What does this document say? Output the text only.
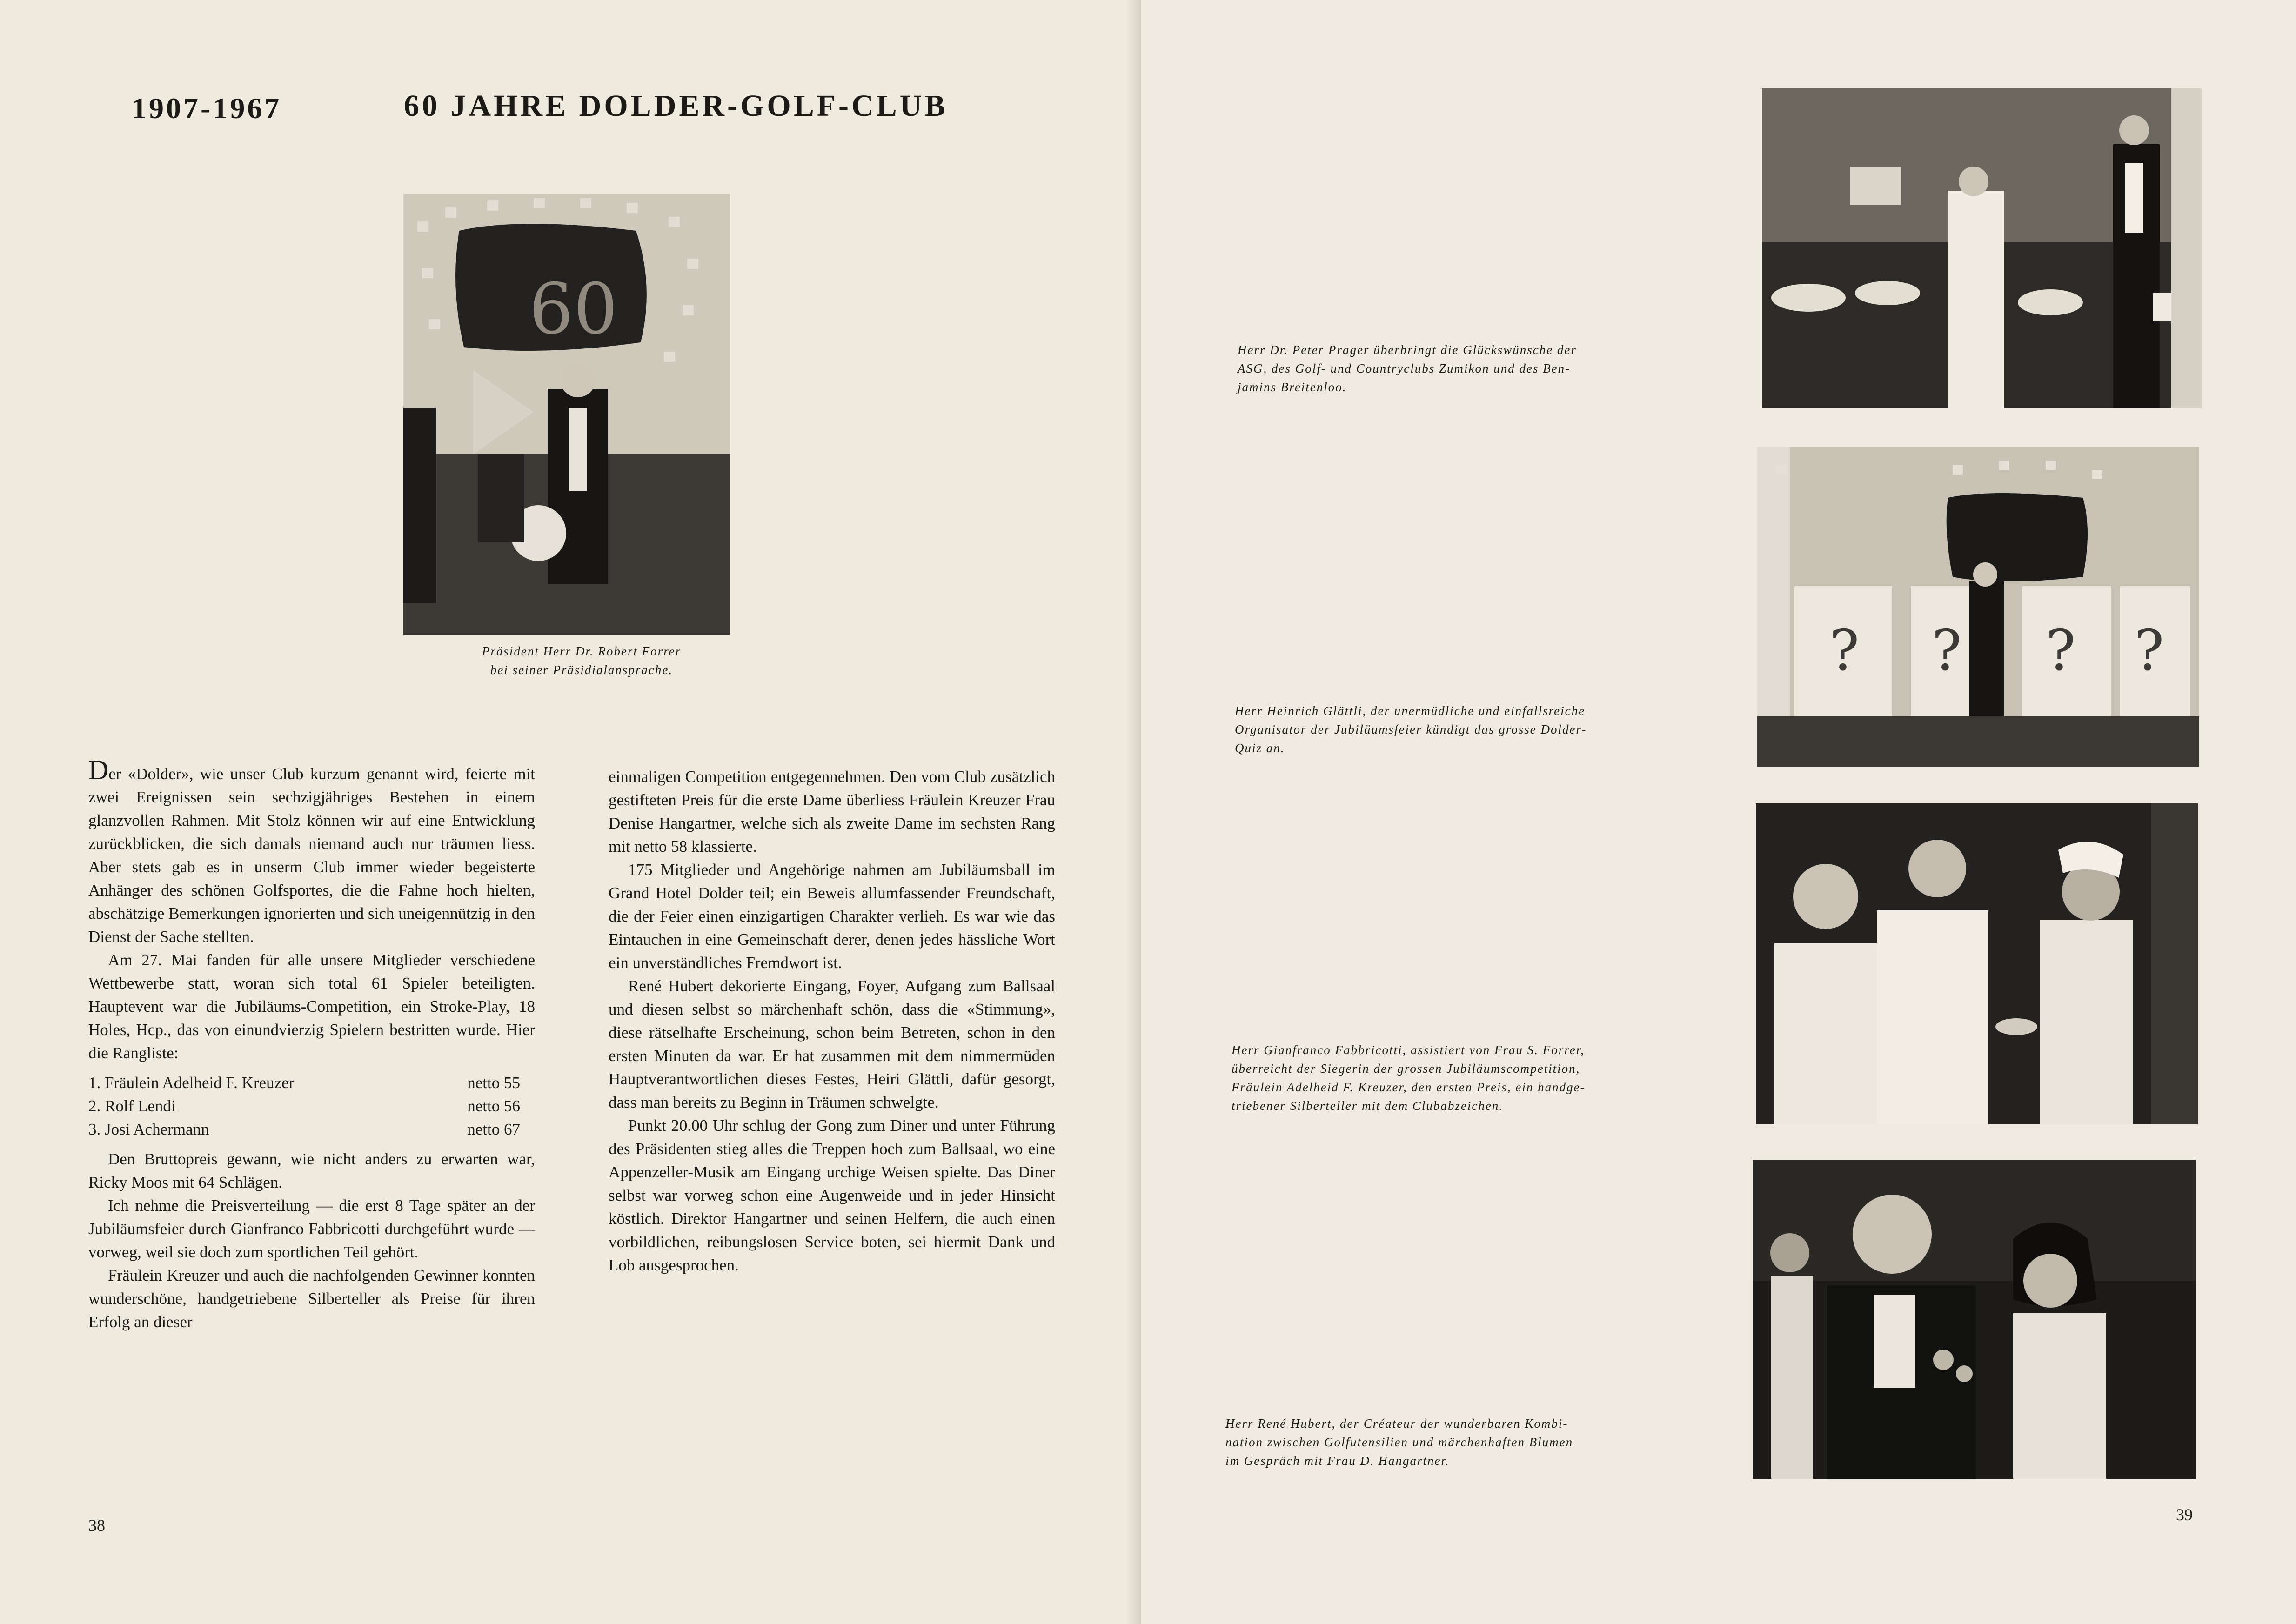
1907-1967	60 JAHRE DOLDER-GOLF-CLUB
60
Präsident Herr Dr. Robert Forrer
bei seiner Präsidialansprache.

Der «Dolder», wie unser Club kurzum genannt wird, feierte mit zwei Ereignissen sein sechzigjähriges Bestehen in einem glanzvollen Rahmen. Mit Stolz können wir auf eine Entwicklung zurückblicken, die sich damals niemand auch nur träumen liess. Aber stets gab es in unserm Club immer wieder begeisterte Anhänger des schönen Golfsportes, die die Fahne hoch hielten, abschätzige Bemerkungen ignorierten und sich uneigennützig in den Dienst der Sache stellten.

Am 27. Mai fanden für alle unsere Mitglieder verschiedene Wettbewerbe statt, woran sich total 61 Spieler beteiligten. Hauptevent war die Jubiläums-Competition, ein Stroke-Play, 18 Holes, Hcp., das von einundvierzig Spielern bestritten wurde. Hier die Rangliste:

1. Fräulein Adelheid F. Kreuzer	netto 55
2. Rolf Lendi	netto 56
3. Josi Achermann	netto 67

Den Bruttopreis gewann, wie nicht anders zu erwarten war, Ricky Moos mit 64 Schlägen.

Ich nehme die Preisverteilung — die erst 8 Tage später an der Jubiläumsfeier durch Gianfranco Fabbricotti durchgeführt wurde — vorweg, weil sie doch zum sportlichen Teil gehört.

Fräulein Kreuzer und auch die nachfolgenden Gewinner konnten wunderschöne, handgetriebene Silberteller als Preise für ihren Erfolg an dieser

einmaligen Competition entgegennehmen. Den vom Club zusätzlich gestifteten Preis für die erste Dame überliess Fräulein Kreuzer Frau Denise Hangartner, welche sich als zweite Dame im sechsten Rang mit netto 58 klassierte.

175 Mitglieder und Angehörige nahmen am Jubiläumsball im Grand Hotel Dolder teil; ein Beweis allumfassender Freundschaft, die der Feier einen einzigartigen Charakter verlieh. Es war wie das Eintauchen in eine Gemeinschaft derer, denen jedes hässliche Wort ein unverständliches Fremdwort ist.

René Hubert dekorierte Eingang, Foyer, Aufgang zum Ballsaal und diesen selbst so märchenhaft schön, dass die «Stimmung», diese rätselhafte Erscheinung, schon beim Betreten, schon in den ersten Minuten da war. Er hat zusammen mit dem nimmermüden Hauptverantwortlichen dieses Festes, Heiri Glättli, dafür gesorgt, dass man bereits zu Beginn in Träumen schwelgte.

Punkt 20.00 Uhr schlug der Gong zum Diner und unter Führung des Präsidenten stieg alles die Treppen hoch zum Ballsaal, wo eine Appenzeller-Musik am Eingang urchige Weisen spielte. Das Diner selbst war vorweg schon eine Augenweide und in jeder Hinsicht köstlich. Direktor Hangartner und seinen Helfern, die auch einen vorbildlichen, reibungslosen Service boten, sei hiermit Dank und Lob ausgesprochen.

38
Herr Dr. Peter Prager überbringt die Glückswünsche der
ASG, des Golf- und Countryclubs Zumikon und des Ben-
jamins Breitenloo.
? ? ? ?
Herr Heinrich Glättli, der unermüdliche und einfallsreiche
Organisator der Jubiläumsfeier kündigt das grosse Dolder-
Quiz an.
Herr Gianfranco Fabbricotti, assistiert von Frau S. Forrer,
überreicht der Siegerin der grossen Jubiläumscompetition,
Fräulein Adelheid F. Kreuzer, den ersten Preis, ein handge-
triebener Silberteller mit dem Clubabzeichen.
Herr René Hubert, der Créateur der wunderbaren Kombi-
nation zwischen Golfutensilien und märchenhaften Blumen
im Gespräch mit Frau D. Hangartner.
39
